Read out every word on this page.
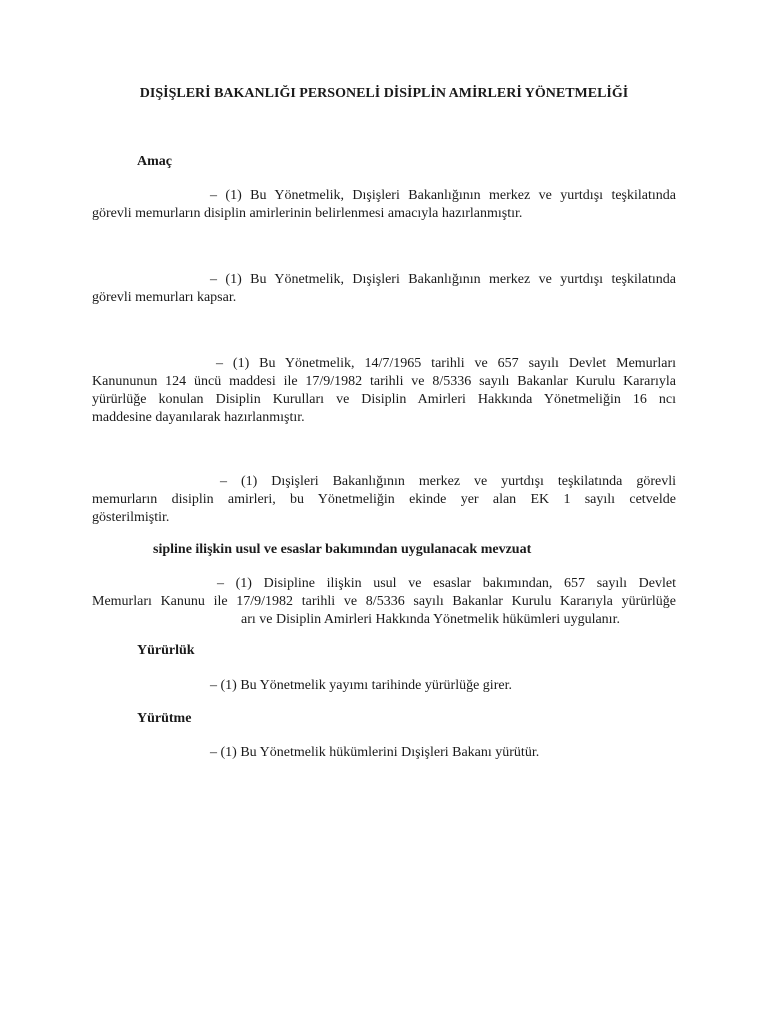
DIŞİŞLERİ BAKANLIĞI PERSONELİ DİSİPLİN AMİRLERİ YÖNETMELİĞİ
Amaç
– (1) Bu Yönetmelik, Dışişleri Bakanlığının merkez ve yurtdışı teşkilatında
görevli memurların disiplin amirlerinin belirlenmesi amacıyla hazırlanmıştır.
– (1) Bu Yönetmelik, Dışişleri Bakanlığının merkez ve yurtdışı teşkilatında
görevli memurları kapsar.
– (1) Bu Yönetmelik, 14/7/1965 tarihli ve 657 sayılı Devlet Memurları
Kanununun 124 üncü maddesi ile 17/9/1982 tarihli ve 8/5336 sayılı Bakanlar Kurulu Kararıyla
yürürlüğe konulan Disiplin Kurulları ve Disiplin Amirleri Hakkında Yönetmeliğin 16 ncı
maddesine dayanılarak hazırlanmıştır.
– (1) Dışişleri Bakanlığının merkez ve yurtdışı teşkilatında görevli
memurların disiplin amirleri, bu Yönetmeliğin ekinde yer alan EK 1 sayılı cetvelde
gösterilmiştir.
sipline ilişkin usul ve esaslar bakımından uygulanacak mevzuat
– (1) Disipline ilişkin usul ve esaslar bakımından, 657 sayılı Devlet
Memurları Kanunu ile 17/9/1982 tarihli ve 8/5336 sayılı Bakanlar Kurulu Kararıyla yürürlüğe
arı ve Disiplin Amirleri Hakkında Yönetmelik hükümleri uygulanır.
Yürürlük
– (1) Bu Yönetmelik yayımı tarihinde yürürlüğe girer.
Yürütme
– (1) Bu Yönetmelik hükümlerini Dışişleri Bakanı yürütür.
